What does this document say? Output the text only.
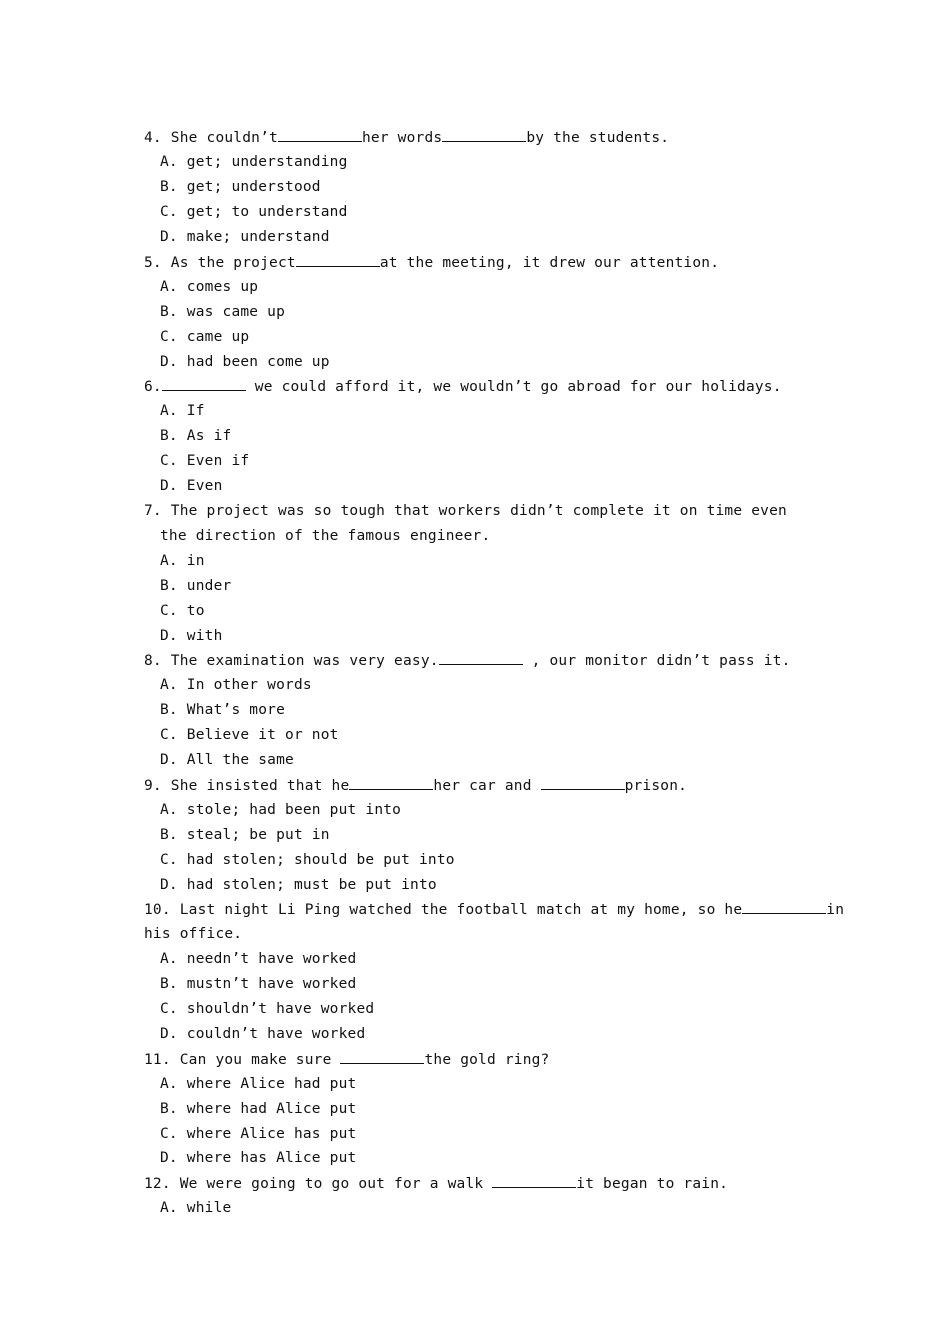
4. She couldn’t	her words	by the students.
A. get; understanding
B. get; understood
C. get; to understand
D. make; understand
5. As the project	at the meeting, it drew our attention.
A. comes up
B. was came up
C. came up
D. had been come up
6.	we could afford it, we wouldn’t go abroad for our holidays.
A. If
B. As if
C. Even if
D. Even
7. The project was so tough that workers didn’t complete it on time even
the direction of the famous engineer.
A. in
B. under
C. to
D. with
8. The examination was very easy.	, our monitor didn’t pass it.
A. In other words
B. What’s more
C. Believe it or not
D. All the same
9. She insisted that he	her car and	prison.
A. stole; had been put into
B. steal; be put in
C. had stolen; should be put into
D. had stolen; must be put into
10. Last night Li Ping watched the football match at my home, so he	in
his office.
A. needn’t have worked
B. mustn’t have worked
C. shouldn’t have worked
D. couldn’t have worked
11. Can you make sure	the gold ring?
A. where Alice had put
B. where had Alice put
C. where Alice has put
D. where has Alice put
12. We were going to go out for a walk	it began to rain.
A. while
